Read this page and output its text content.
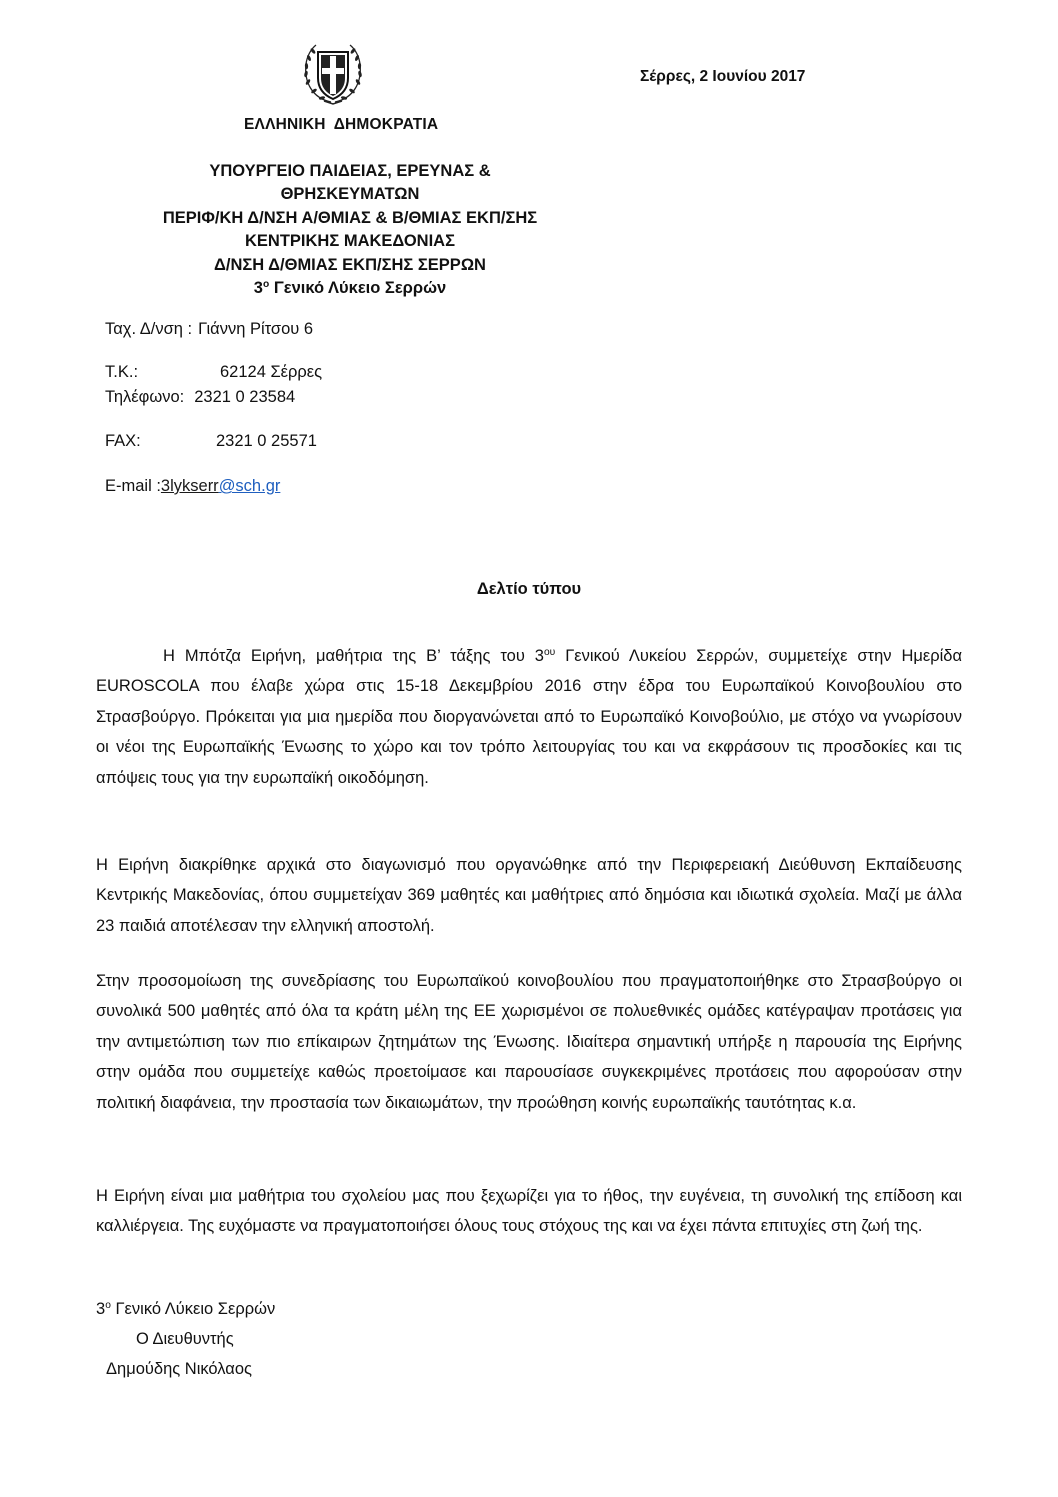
Σέρρες, 2 Ιουνίου 2017
ΕΛΛΗΝΙΚΗ ΔΗΜΟΚΡΑΤΙΑ
ΥΠΟΥΡΓΕΙΟ ΠΑΙΔΕΙΑΣ, ΕΡΕΥΝΑΣ &
ΘΡΗΣΚΕΥΜΑΤΩΝ
ΠΕΡΙΦ/ΚΗ Δ/ΝΣΗ Α/ΘΜΙΑΣ & Β/ΘΜΙΑΣ ΕΚΠ/ΣΗΣ
ΚΕΝΤΡΙΚΗΣ ΜΑΚΕΔΟΝΙΑΣ
Δ/ΝΣΗ Δ/ΘΜΙΑΣ ΕΚΠ/ΣΗΣ ΣΕΡΡΩΝ
$3^o$ Γενικό Λύκειο Σερρών
Ταχ. Δ/νση : Γιάννη Ρίτσου 6
Τ.Κ.:	62124 Σέρρες
Τηλέφωνο: 2321 0 23584
FAX:	2321 0 25571
E-mail :3lykserr@sch.gr
Δελτίο τύπου
Η Μπότζα Ειρήνη, μαθήτρια της Β’ τάξης του $3^{o\upsilon}$ Γενικού Λυκείου Σερρών, συμμετείχε στην Ημερίδα EUROSCOLA που έλαβε χώρα στις 15-18 Δεκεμβρίου 2016 στην έδρα του Ευρωπαϊκού Κοινοβουλίου στο Στρασβούργο. Πρόκειται για μια ημερίδα που διοργανώνεται από το Ευρωπαϊκό Κοινοβούλιο, με στόχο να γνωρίσουν οι νέοι της Ευρωπαϊκής Ένωσης το χώρο και τον τρόπο λειτουργίας του και να εκφράσουν τις προσδοκίες και τις απόψεις τους για την ευρωπαϊκή οικοδόμηση.
Η Ειρήνη διακρίθηκε αρχικά στο διαγωνισμό που οργανώθηκε από την Περιφερειακή Διεύθυνση Εκπαίδευσης Κεντρικής Μακεδονίας, όπου συμμετείχαν 369 μαθητές και μαθήτριες από δημόσια και ιδιωτικά σχολεία. Μαζί με άλλα 23 παιδιά αποτέλεσαν την ελληνική αποστολή.
Στην προσομοίωση της συνεδρίασης του Ευρωπαϊκού κοινοβουλίου που πραγματοποιήθηκε στο Στρασβούργο οι συνολικά 500 μαθητές από όλα τα κράτη μέλη της ΕΕ χωρισμένοι σε πολυεθνικές ομάδες κατέγραψαν προτάσεις για την αντιμετώπιση των πιο επίκαιρων ζητημάτων της Ένωσης. Ιδιαίτερα σημαντική υπήρξε η παρουσία της Ειρήνης στην ομάδα που συμμετείχε καθώς προετοίμασε και παρουσίασε συγκεκριμένες προτάσεις που αφορούσαν στην πολιτική διαφάνεια, την προστασία των δικαιωμάτων, την προώθηση κοινής ευρωπαϊκής ταυτότητας κ.α.
Η Ειρήνη είναι μια μαθήτρια του σχολείου μας που ξεχωρίζει για το ήθος, την ευγένεια, τη συνολική της επίδοση και καλλιέργεια. Της ευχόμαστε να πραγματοποιήσει όλους τους στόχους της και να έχει πάντα επιτυχίες στη ζωή της.
$3^o$ Γενικό Λύκειο Σερρών
Ο Διευθυντής
Δημούδης Νικόλαος
